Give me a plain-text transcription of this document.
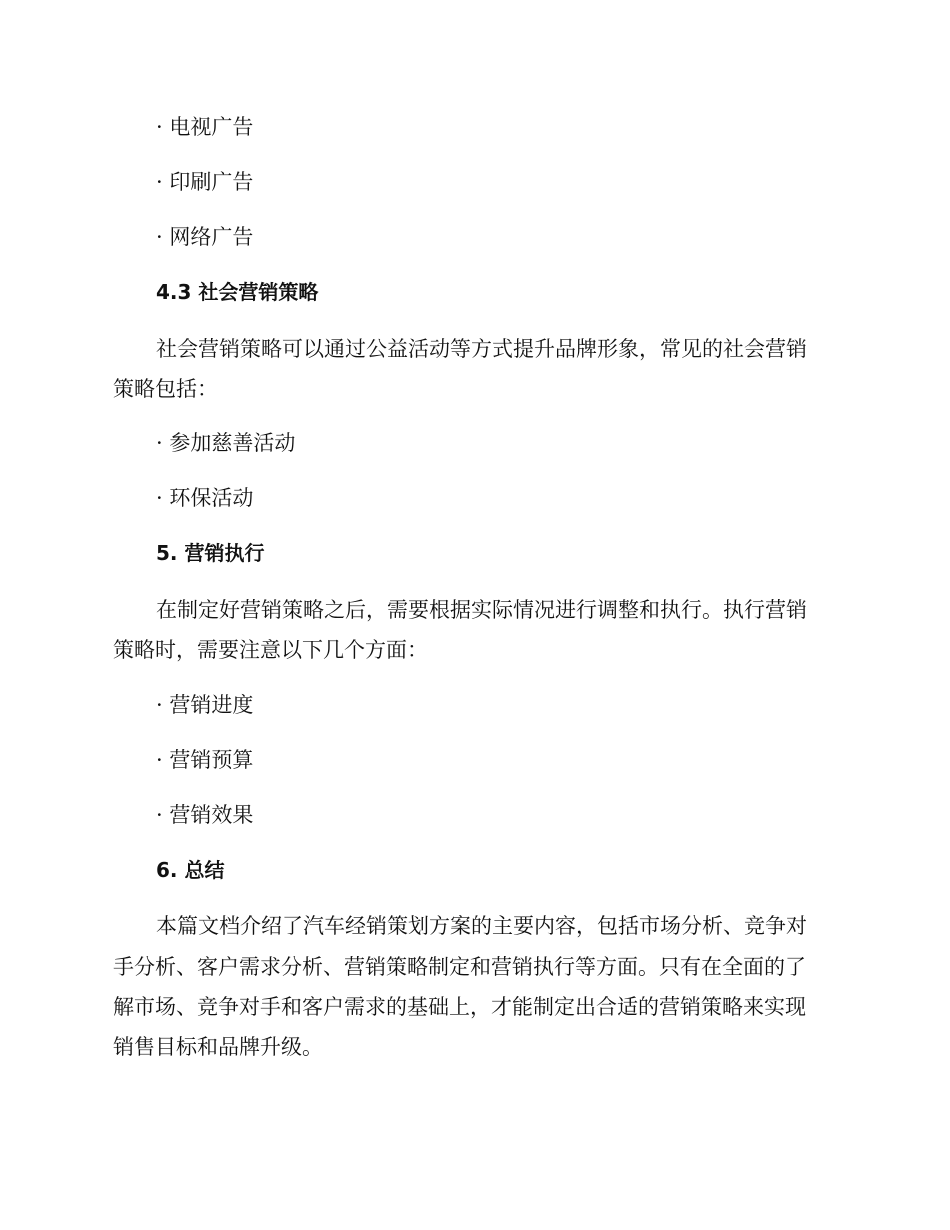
· 电视广告
· 印刷广告
· 网络广告
4.3 社会营销策略
社会营销策略可以通过公益活动等方式提升品牌形象，常见的社会营销
策略包括：
· 参加慈善活动
· 环保活动
5. 营销执行
在制定好营销策略之后，需要根据实际情况进行调整和执行。执行营销
策略时，需要注意以下几个方面：
· 营销进度
· 营销预算
· 营销效果
6. 总结
本篇文档介绍了汽车经销策划方案的主要内容，包括市场分析、竞争对
手分析、客户需求分析、营销策略制定和营销执行等方面。只有在全面的了
解市场、竞争对手和客户需求的基础上，才能制定出合适的营销策略来实现
销售目标和品牌升级。
